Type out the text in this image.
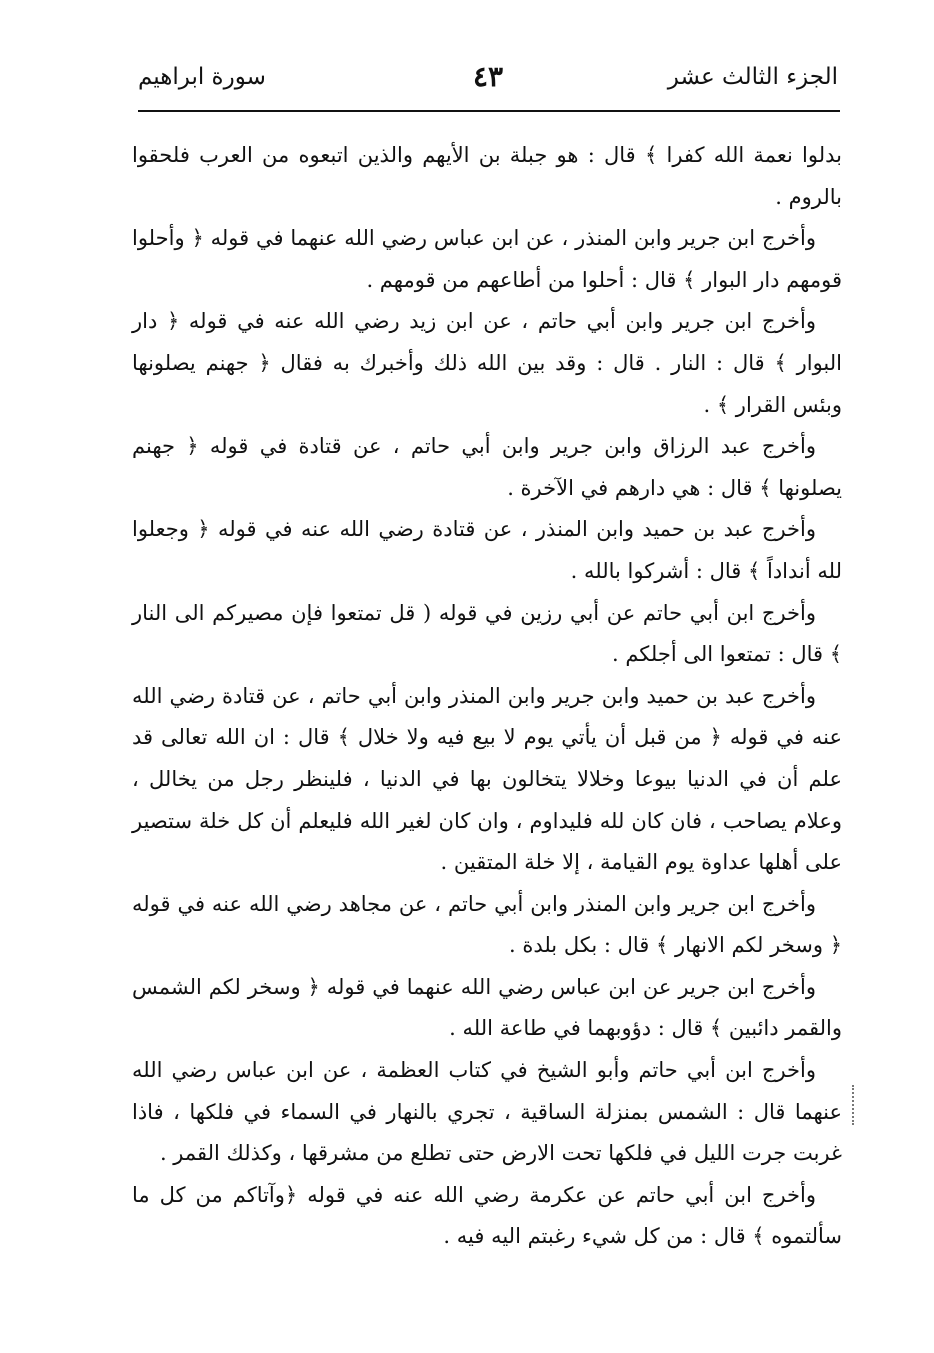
الجزء الثالث عشر
٤٣
سورة ابراهيم

بدلوا نعمة الله كفرا ﴾ قال : هو جبلة بن الأيهم والذين اتبعوه من العرب فلحقوا بالروم .

وأخرج ابن جرير وابن المنذر ، عن ابن عباس رضي الله عنهما في قوله ﴿ وأحلوا قومهم دار البوار ﴾ قال : أحلوا من أطاعهم من قومهم .

وأخرج ابن جرير وابن أبي حاتم ، عن ابن زيد رضي الله عنه في قوله ﴿ دار البوار ﴾ قال : النار . قال : وقد بين الله ذلك وأخبرك به فقال ﴿ جهنم يصلونها وبئس القرار ﴾ .

وأخرج عبد الرزاق وابن جرير وابن أبي حاتم ، عن قتادة في قوله ﴿ جهنم يصلونها ﴾ قال : هي دارهم في الآخرة .

وأخرج عبد بن حميد وابن المنذر ، عن قتادة رضي الله عنه في قوله ﴿ وجعلوا لله أنداداً ﴾ قال : أشركوا بالله .

وأخرج ابن أبي حاتم عن أبي رزين في قوله ( قل تمتعوا فإن مصيركم الى النار ﴾ قال : تمتعوا الى أجلكم .

وأخرج عبد بن حميد وابن جرير وابن المنذر وابن أبي حاتم ، عن قتادة رضي الله عنه في قوله ﴿ من قبل أن يأتي يوم لا بيع فيه ولا خلال ﴾ قال : ان الله تعالى قد علم أن في الدنيا بيوعا وخلالا يتخالون بها في الدنيا ، فلينظر رجل من يخالل ، وعلام يصاحب ، فان كان لله فليداوم ، وان كان لغير الله فليعلم أن كل خلة ستصير على أهلها عداوة يوم القيامة ، إلا خلة المتقين .

وأخرج ابن جرير وابن المنذر وابن أبي حاتم ، عن مجاهد رضي الله عنه في قوله ﴿ وسخر لكم الانهار ﴾ قال : بكل بلدة .

وأخرج ابن جرير عن ابن عباس رضي الله عنهما في قوله ﴿ وسخر لكم الشمس والقمر دائبين ﴾ قال : دؤوبهما في طاعة الله .

وأخرج ابن أبي حاتم وأبو الشيخ في كتاب العظمة ، عن ابن عباس رضي الله عنهما قال : الشمس بمنزلة الساقية ، تجري بالنهار في السماء في فلكها ، فاذا غربت جرت الليل في فلكها تحت الارض حتى تطلع من مشرقها ، وكذلك القمر .

وأخرج ابن أبي حاتم عن عكرمة رضي الله عنه في قوله ﴿وآتاكم من كل ما سألتموه ﴾ قال : من كل شيء رغبتم اليه فيه .
